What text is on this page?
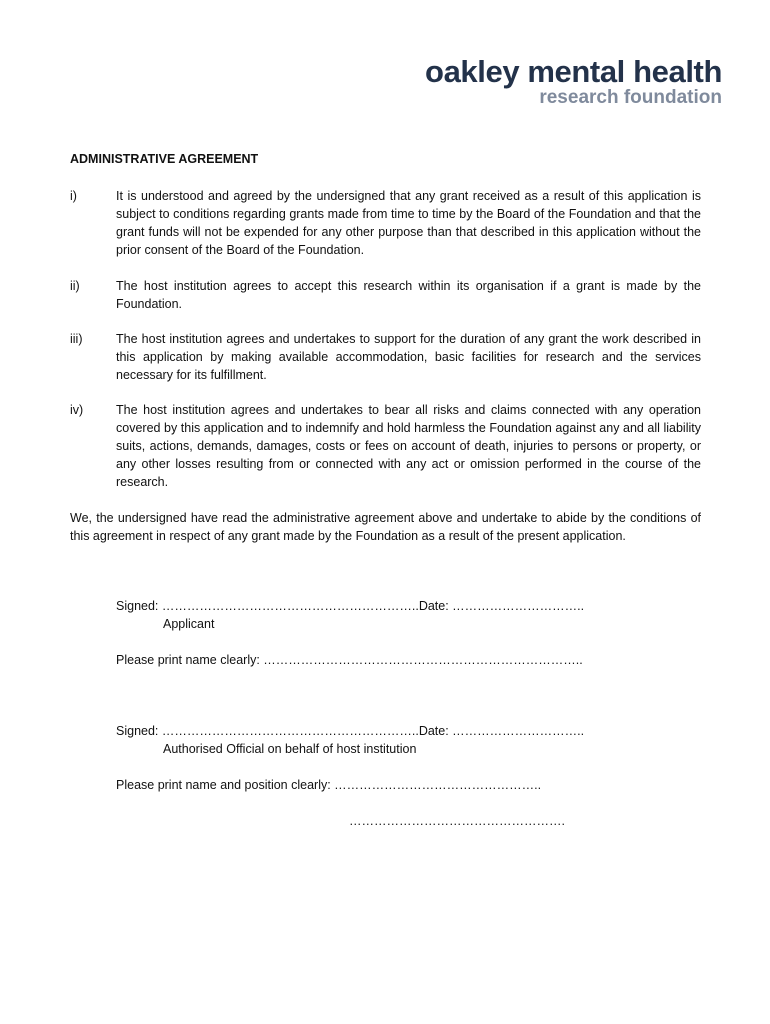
oakley mental health
research foundation
ADMINISTRATIVE AGREEMENT
i)	It is understood and agreed by the undersigned that any grant received as a result of this application is subject to conditions regarding grants made from time to time by the Board of the Foundation and that the grant funds will not be expended for any other purpose than that described in this application without the prior consent of the Board of the Foundation.
ii)	The host institution agrees to accept this research within its organisation if a grant is made by the Foundation.
iii)	The host institution agrees and undertakes to support for the duration of any grant the work described in this application by making available accommodation, basic facilities for research and the services necessary for its fulfillment.
iv)	The host institution agrees and undertakes to bear all risks and claims connected with any operation covered by this application and to indemnify and hold harmless the Foundation against any and all liability suits, actions, demands, damages, costs or fees on account of death, injuries to persons or property, or any other losses resulting from or connected with any act or omission performed in the course of the research.

We, the undersigned have read the administrative agreement above and undertake to abide by the conditions of this agreement in respect of any grant made by the Foundation as a result of the present application.

Signed: ……………………………………………………..Date: …………………………..
Applicant
Please print name clearly: …………………………………………………………………..
Signed: ……………………………………………………..Date: …………………………..
Authorised Official on behalf of host institution
Please print name and position clearly: …………………………………………..
…………………………………………….
